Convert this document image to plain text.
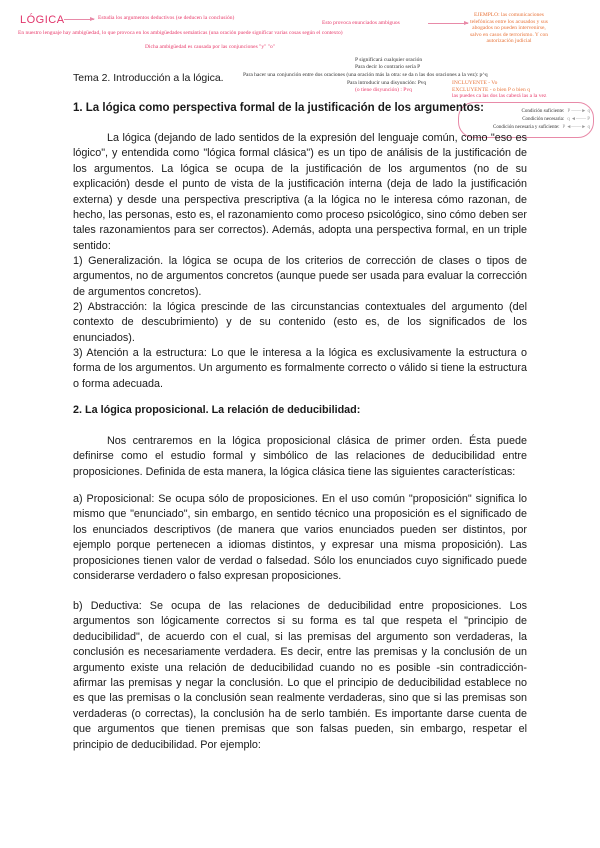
LÓGICA	Estudia los argumentos deductivos (se deducen la conclusión)
En nuestro lenguaje hay ambigüedad, lo que provoca en los ambigüedades semánticas (una oración puede significar varias cosas según el contexto)
Dicha ambigüedad es causada por las conjunciones "y" "o"
Esto provoca enunciados ambiguos
EJEMPLO: las comunicaciones
telefónicas entre los acusados y sus
abogados no pueden intervenirse,
salvo en casos de terrorismo. Y con
autorización judicial
P significará cualquier oración
Para decir lo contrario sería P
Para hacer una conjunción entre dos oraciones (una oración más la otra: se da n las dos oraciones a la vez): p^q
Para introducir una disyunción: Pvq
(o tiene disyunción) : Pvq
INCLUYENTE - Vo
EXCLUYENTE - o bien P o bien q
las puedes ca las dos las caberá las a la vez
Condición suficiente: P ——► q
Condición necesaria: q ◄—— P
Condición necesaria y suficiente: P ◄——► q

Tema 2. Introducción a la lógica.

1. La lógica como perspectiva formal de la justificación de los argumentos:

La lógica (dejando de lado sentidos de la expresión del lenguaje común, como "eso es lógico", y entendida como "lógica formal clásica") es un tipo de análisis de la justificación de los argumentos. La lógica se ocupa de la justificación de los argumentos (no de su explicación) desde el punto de vista de la justificación interna (deja de lado la justificación externa) y desde una perspectiva prescriptiva (a la lógica no le interesa cómo razonan, de hecho, las personas, esto es, el razonamiento como proceso psicológico, sino cómo deben ser tales razonamientos para ser correctos). Además, adopta una perspectiva formal, en un triple sentido:

1) Generalización. la lógica se ocupa de los criterios de corrección de clases o tipos de argumentos, no de argumentos concretos (aunque puede ser usada para evaluar la corrección de argumentos concretos).

2) Abstracción: la lógica prescinde de las circunstancias contextuales del argumento (del contexto de descubrimiento) y de su contenido (esto es, de los significados de los enunciados).

3) Atención a la estructura: Lo que le interesa a la lógica es exclusivamente la estructura o forma de los argumentos. Un argumento es formalmente correcto o válido si tiene la estructura o forma adecuada.

2. La lógica proposicional. La relación de deducibilidad:

Nos centraremos en la lógica proposicional clásica de primer orden. Ésta puede definirse como el estudio formal y simbólico de las relaciones de deducibilidad entre proposiciones. Definida de esta manera, la lógica clásica tiene las siguientes características:

a) Proposicional: Se ocupa sólo de proposiciones. En el uso común "proposición" significa lo mismo que "enunciado", sin embargo, en sentido técnico una proposición es el significado de los enunciados descriptivos (de manera que varios enunciados pueden ser distintos, por ejemplo porque pertenecen a idiomas distintos, y expresar una misma proposición). Las proposiciones tienen valor de verdad o falsedad. Sólo los enunciados cuyo significado puede considerarse verdadero o falso expresan proposiciones.

b) Deductiva: Se ocupa de las relaciones de deducibilidad entre proposiciones. Los argumentos son lógicamente correctos si su forma es tal que respeta el "principio de deducibilidad", de acuerdo con el cual, si las premisas del argumento son verdaderas, la conclusión es necesariamente verdadera. Es decir, entre las premisas y la conclusión de un argumento existe una relación de deducibilidad cuando no es posible -sin contradicción- afirmar las premisas y negar la conclusión. Lo que el principio de deducibilidad establece no es que las premisas o la conclusión sean realmente verdaderas, sino que si las premisas son verdaderas (o correctas), la conclusión ha de serlo también. Es importante darse cuenta de que argumentos que tienen premisas que son falsas pueden, sin embargo, respetar el principio de deducibilidad. Por ejemplo:
